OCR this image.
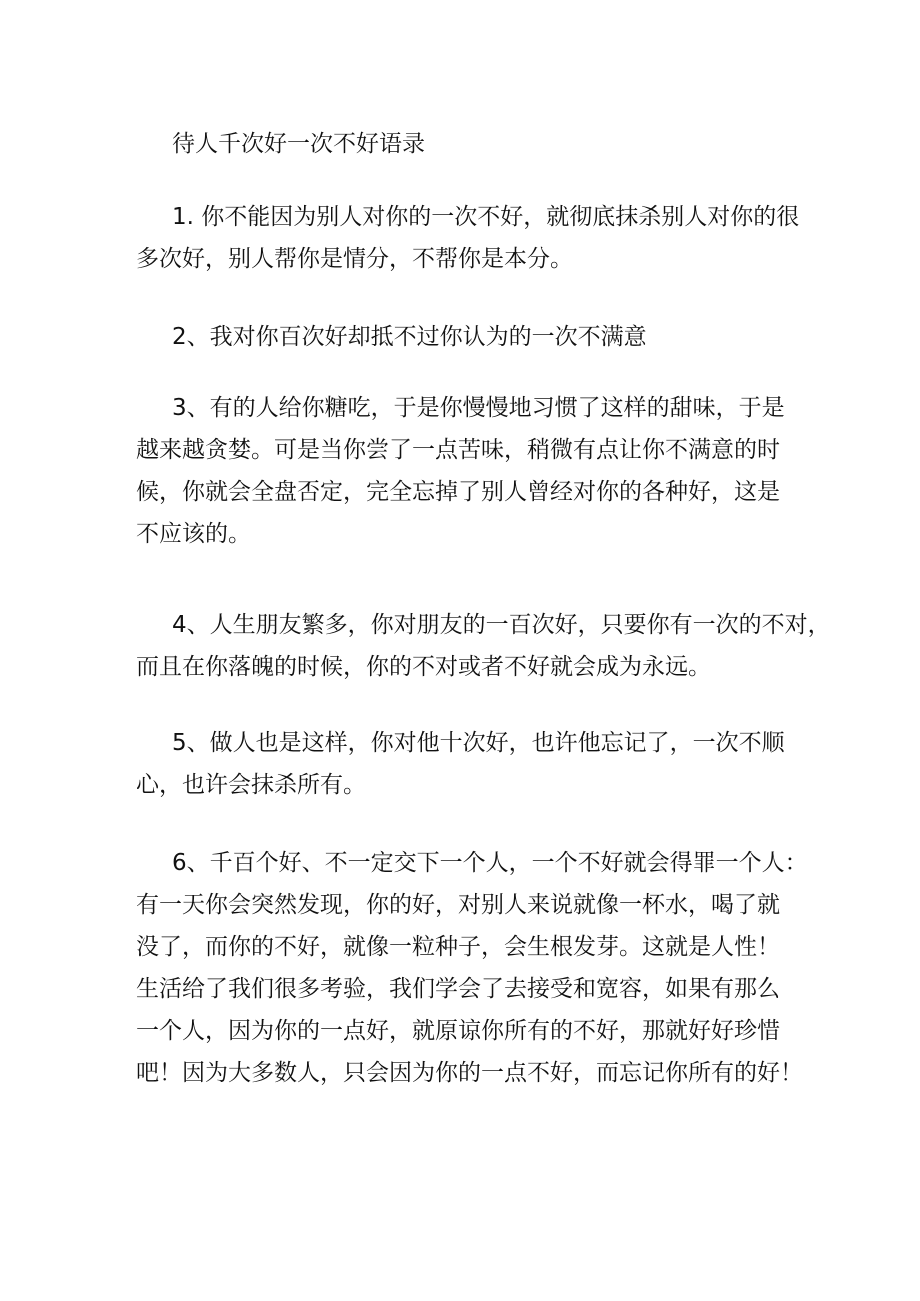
待人千次好一次不好语录
1. 你不能因为别人对你的一次不好，就彻底抹杀别人对你的很
多次好，别人帮你是情分，不帮你是本分。
2、我对你百次好却抵不过你认为的一次不满意
3、有的人给你糖吃，于是你慢慢地习惯了这样的甜味，于是
越来越贪婪。可是当你尝了一点苦味，稍微有点让你不满意的时
候，你就会全盘否定，完全忘掉了别人曾经对你的各种好，这是
不应该的。
4、人生朋友繁多，你对朋友的一百次好，只要你有一次的不对，
而且在你落魄的时候，你的不对或者不好就会成为永远。
5、做人也是这样，你对他十次好，也许他忘记了，一次不顺
心，也许会抹杀所有。
6、千百个好、不一定交下一个人，一个不好就会得罪一个人：
有一天你会突然发现，你的好，对别人来说就像一杯水，喝了就
没了，而你的不好，就像一粒种子，会生根发芽。这就是人性！
生活给了我们很多考验，我们学会了去接受和宽容，如果有那么
一个人，因为你的一点好，就原谅你所有的不好，那就好好珍惜
吧！因为大多数人，只会因为你的一点不好，而忘记你所有的好！
